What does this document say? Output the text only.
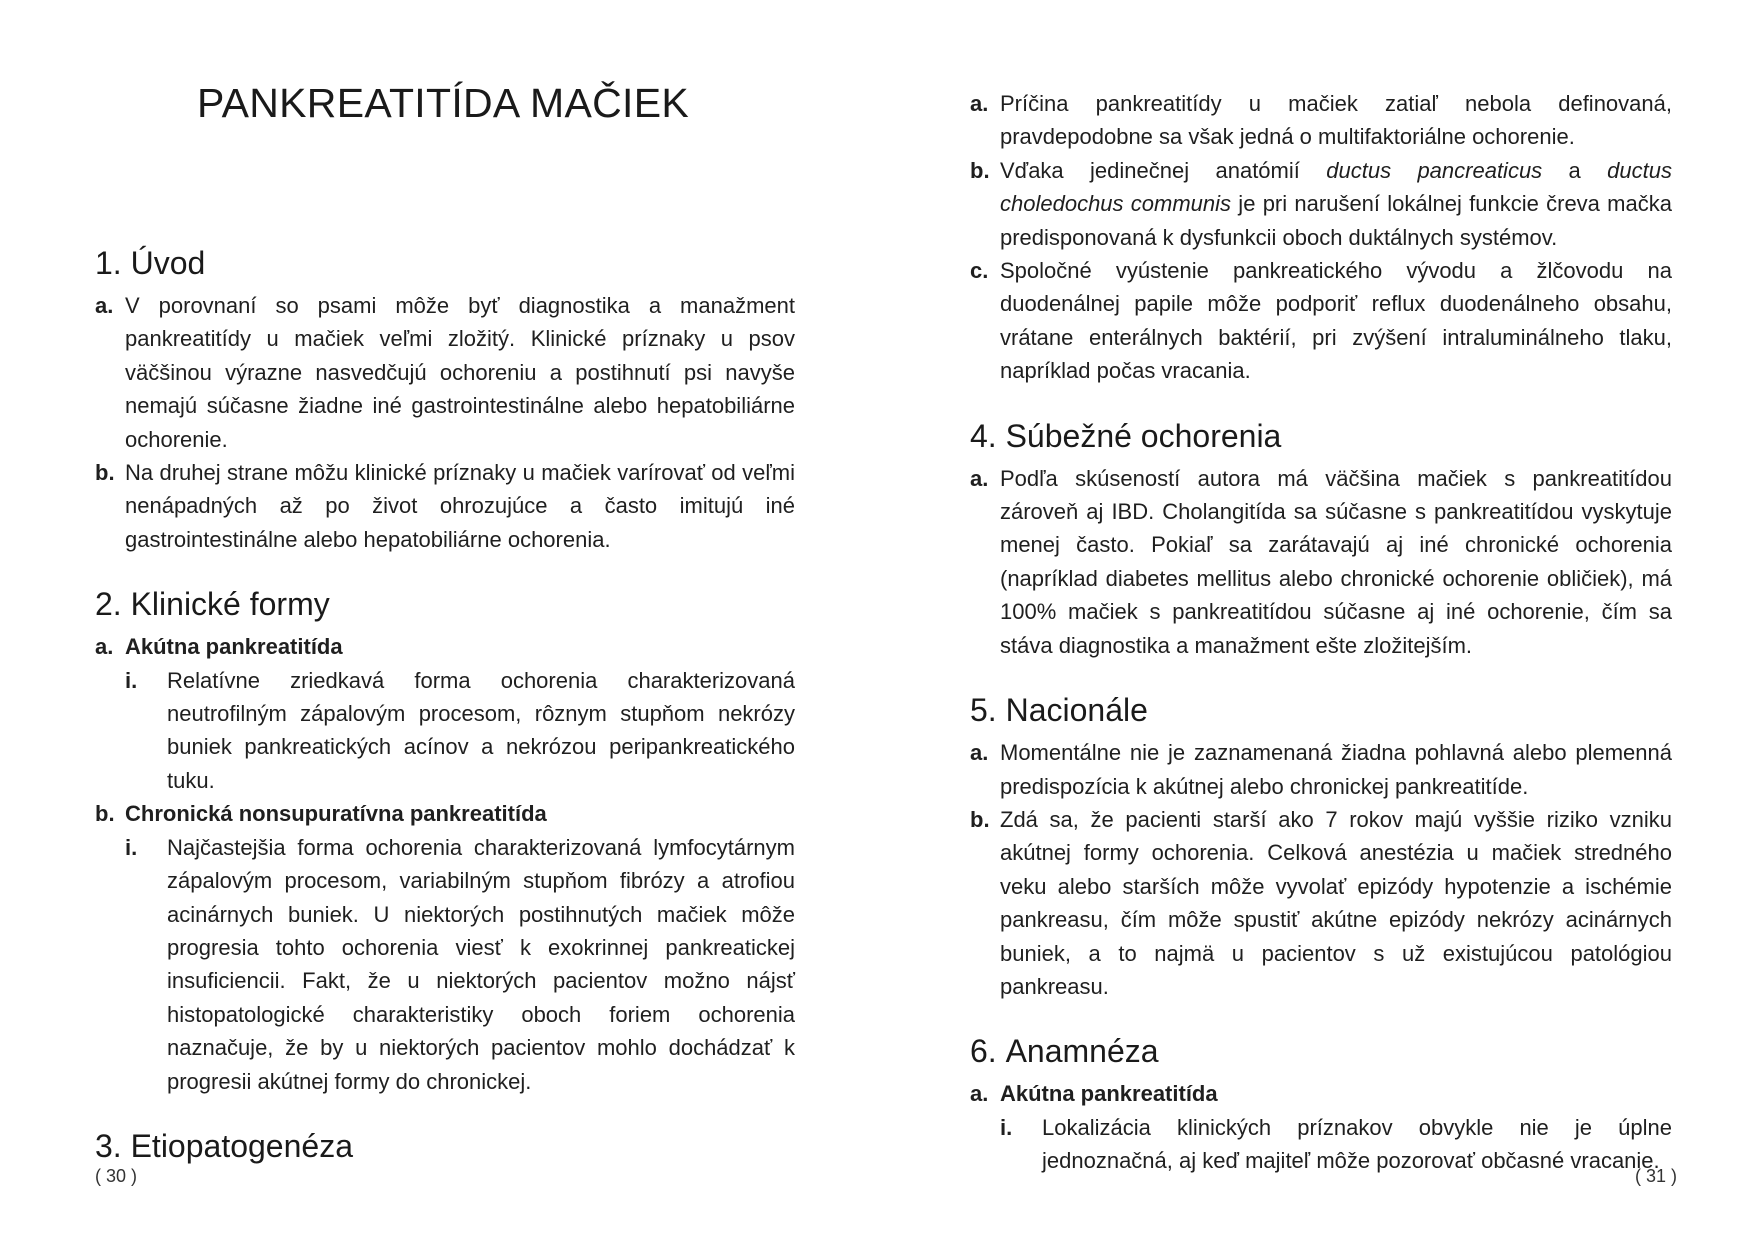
PANKREATITÍDA MAČIEK
1. Úvod

a. V porovnaní so psami môže byť diagnostika a manažment pankreatitídy u mačiek veľmi zložitý. Klinické príznaky u psov väčšinou výrazne nasvedčujú ochoreniu a postihnutí psi navyše nemajú súčasne žiadne iné gastrointestinálne alebo hepatobiliárne ochorenie.

b. Na druhej strane môžu klinické príznaky u mačiek varírovať od veľmi nenápadných až po život ohrozujúce a často imitujú iné gastrointestinálne alebo hepatobiliárne ochorenia.

2. Klinické formy

a. Akútna pankreatitída

i. Relatívne zriedkavá forma ochorenia charakterizovaná neutrofilným zápalovým procesom, rôznym stupňom nekrózy buniek pankreatických acínov a nekrózou peripankreatického tuku.

b. Chronická nonsupuratívna pankreatitída

i. Najčastejšia forma ochorenia charakterizovaná lymfocytárnym zápalovým procesom, variabilným stupňom fibrózy a atrofiou acinárnych buniek. U niektorých postihnutých mačiek môže progresia tohto ochorenia viesť k exokrinnej pankreatickej insuficiencii. Fakt, že u niektorých pacientov možno nájsť histopatologické charakteristiky oboch foriem ochorenia naznačuje, že by u niektorých pacientov mohlo dochádzať k progresii akútnej formy do chronickej.

3. Etiopatogenéza
( 30 )

a. Príčina pankreatitídy u mačiek zatiaľ nebola definovaná, pravdepodobne sa však jedná o multifaktoriálne ochorenie.

b. Vďaka jedinečnej anatómií ductus pancreaticus a ductus choledochus communis je pri narušení lokálnej funkcie čreva mačka predisponovaná k dysfunkcii oboch duktálnych systémov.

c. Spoločné vyústenie pankreatického vývodu a žlčovodu na duodenálnej papile môže podporiť reflux duodenálneho obsahu, vrátane enterálnych baktérií, pri zvýšení intraluminálneho tlaku, napríklad počas vracania.

4. Súbežné ochorenia

a. Podľa skúseností autora má väčšina mačiek s pankreatitídou zároveň aj IBD. Cholangitída sa súčasne s pankreatitídou vyskytuje menej často. Pokiaľ sa zarátavajú aj iné chronické ochorenia (napríklad diabetes mellitus alebo chronické ochorenie obličiek), má 100% mačiek s pankreatitídou súčasne aj iné ochorenie, čím sa stáva diagnostika a manažment ešte zložitejším.

5. Nacionále

a. Momentálne nie je zaznamenaná žiadna pohlavná alebo plemenná predispozícia k akútnej alebo chronickej pankreatitíde.

b. Zdá sa, že pacienti starší ako 7 rokov majú vyššie riziko vzniku akútnej formy ochorenia. Celková anestézia u mačiek stredného veku alebo starších môže vyvolať epizódy hypotenzie a ischémie pankreasu, čím môže spustiť akútne epizódy nekrózy acinárnych buniek, a to najmä u pacientov s už existujúcou patológiou pankreasu.

6. Anamnéza

a. Akútna pankreatitída

i. Lokalizácia klinických príznakov obvykle nie je úplne jednoznačná, aj keď majiteľ môže pozorovať občasné vracanie.

( 31 )
